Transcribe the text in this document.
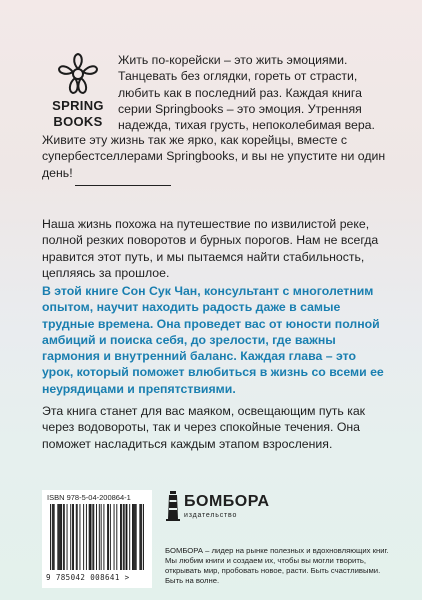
SPRING
BOOKS
Жить по-корейски – это жить эмоциями. Танцевать без оглядки, гореть от страсти, любить как в последний раз. Каждая книга серии Springbooks – это эмоция. Утренняя надежда, тихая грусть, непоколебимая вера.
Живите эту жизнь так же ярко, как корейцы, вместе с супербестселлерами Springbooks, и вы не упустите ни один день!
Наша жизнь похожа на путешествие по извилистой реке, полной резких поворотов и бурных порогов. Нам не всегда нравится этот путь, и мы пытаемся найти стабильность, цепляясь за прошлое.
В этой книге Сон Сук Чан, консультант с многолетним опытом, научит находить радость даже в самые трудные времена. Она проведет вас от юности полной амбиций и поиска себя, до зрелости, где важны гармония и внутренний баланс. Каждая глава – это урок, который поможет влюбиться в жизнь со всеми ее неурядицами и препятствиями.
Эта книга станет для вас маяком, освещающим путь как через водовороты, так и через спокойные течения. Она поможет насладиться каждым этапом взросления.
ISBN 978-5-04-200864-1
9 785042 008641 >
БОМБОРА
издательство
БОМБОРА – лидер на рынке полезных и вдохновляющих книг. Мы любим книги и создаем их, чтобы вы могли творить, открывать мир, пробовать новое, расти. Быть счастливыми. Быть на волне.
